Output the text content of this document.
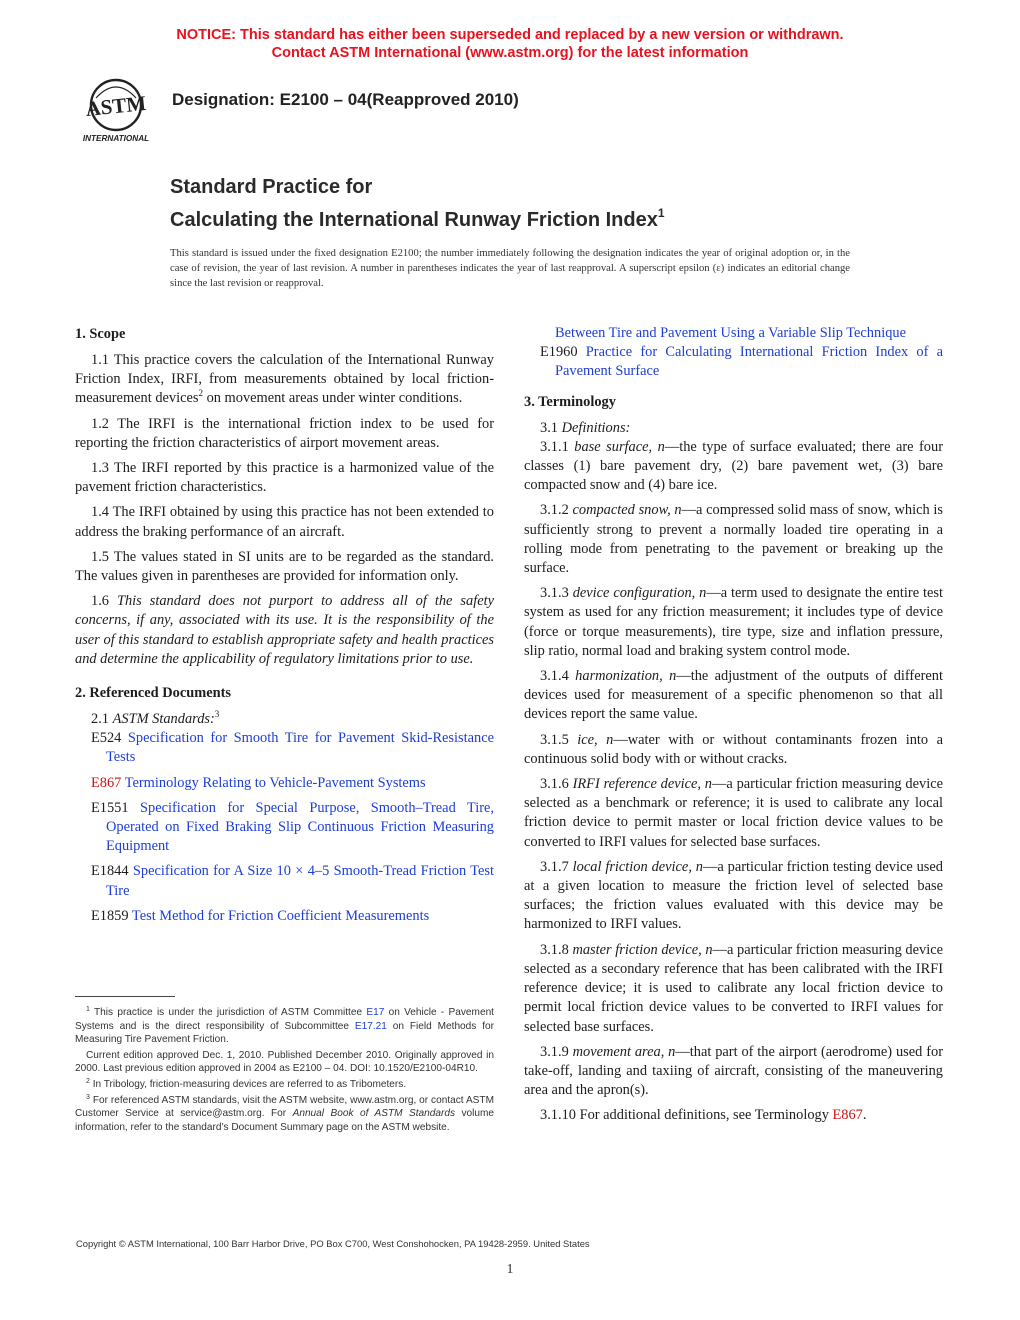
NOTICE: This standard has either been superseded and replaced by a new version or withdrawn.
Contact ASTM International (www.astm.org) for the latest information
ASTM
INTERNATIONAL
Designation: E2100 – 04(Reapproved 2010)
Standard Practice for
Calculating the International Runway Friction Index$^1$
This standard is issued under the fixed designation E2100; the number immediately following the designation indicates the year of original adoption or, in the case of revision, the year of last revision. A number in parentheses indicates the year of last reapproval. A superscript epsilon (ε) indicates an editorial change since the last revision or reapproval.
1. Scope

1.1 This practice covers the calculation of the International Runway Friction Index, IRFI, from measurements obtained by local friction-measurement devices$^2$ on movement areas under winter conditions.

1.2 The IRFI is the international friction index to be used for reporting the friction characteristics of airport movement areas.

1.3 The IRFI reported by this practice is a harmonized value of the pavement friction characteristics.

1.4 The IRFI obtained by using this practice has not been extended to address the braking performance of an aircraft.

1.5 The values stated in SI units are to be regarded as the standard. The values given in parentheses are provided for information only.

1.6 This standard does not purport to address all of the safety concerns, if any, associated with its use. It is the responsibility of the user of this standard to establish appropriate safety and health practices and determine the applicability of regulatory limitations prior to use.

2. Referenced Documents

2.1 ASTM Standards:$^3$

E524 Specification for Smooth Tire for Pavement Skid-Resistance Tests

E867 Terminology Relating to Vehicle-Pavement Systems

E1551 Specification for Special Purpose, Smooth–Tread Tire, Operated on Fixed Braking Slip Continuous Friction Measuring Equipment

E1844 Specification for A Size 10 × 4–5 Smooth-Tread Friction Test Tire

E1859 Test Method for Friction Coefficient Measurements

Between Tire and Pavement Using a Variable Slip Technique

E1960 Practice for Calculating International Friction Index of a Pavement Surface

3. Terminology

3.1 Definitions:

3.1.1 base surface, n—the type of surface evaluated; there are four classes (1) bare pavement dry, (2) bare pavement wet, (3) bare compacted snow and (4) bare ice.

3.1.2 compacted snow, n—a compressed solid mass of snow, which is sufficiently strong to prevent a normally loaded tire operating in a rolling mode from penetrating to the pavement or breaking up the surface.

3.1.3 device configuration, n—a term used to designate the entire test system as used for any friction measurement; it includes type of device (force or torque measurements), tire type, size and inflation pressure, slip ratio, normal load and braking system control mode.

3.1.4 harmonization, n—the adjustment of the outputs of different devices used for measurement of a specific phenomenon so that all devices report the same value.

3.1.5 ice, n—water with or without contaminants frozen into a continuous solid body with or without cracks.

3.1.6 IRFI reference device, n—a particular friction measuring device selected as a benchmark or reference; it is used to calibrate any local friction device to permit master or local friction device values to be converted to IRFI values for selected base surfaces.

3.1.7 local friction device, n—a particular friction testing device used at a given location to measure the friction level of selected base surfaces; the friction values evaluated with this device may be harmonized to IRFI values.

3.1.8 master friction device, n—a particular friction measuring device selected as a secondary reference that has been calibrated with the IRFI reference device; it is used to calibrate any local friction device to permit local friction device values to be converted to IRFI values for selected base surfaces.

3.1.9 movement area, n—that part of the airport (aerodrome) used for take-off, landing and taxiing of aircraft, consisting of the maneuvering area and the apron(s).

3.1.10 For additional definitions, see Terminology E867.

$^1$ This practice is under the jurisdiction of ASTM Committee E17 on Vehicle - Pavement Systems and is the direct responsibility of Subcommittee E17.21 on Field Methods for Measuring Tire Pavement Friction.

Current edition approved Dec. 1, 2010. Published December 2010. Originally approved in 2000. Last previous edition approved in 2004 as E2100 – 04. DOI: 10.1520/E2100-04R10.

$^2$ In Tribology, friction-measuring devices are referred to as Tribometers.

$^3$ For referenced ASTM standards, visit the ASTM website, www.astm.org, or contact ASTM Customer Service at service@astm.org. For Annual Book of ASTM Standards volume information, refer to the standard’s Document Summary page on the ASTM website.

Copyright © ASTM International, 100 Barr Harbor Drive, PO Box C700, West Conshohocken, PA 19428-2959. United States
1
